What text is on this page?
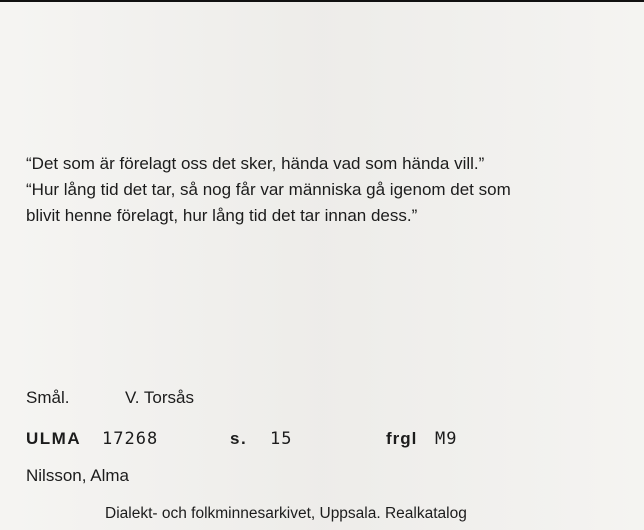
“Det som är förelagt oss det sker, hända vad som hända vill.”
“Hur lång tid det tar, så nog får var människa gå igenom det som
blivit henne förelagt, hur lång tid det tar innan dess.”
Smål.	V. Torsås
ULMA 17268	s. 15	frgl M9
Nilsson, Alma
Dialekt- och folkminnesarkivet, Uppsala. Realkatalog
